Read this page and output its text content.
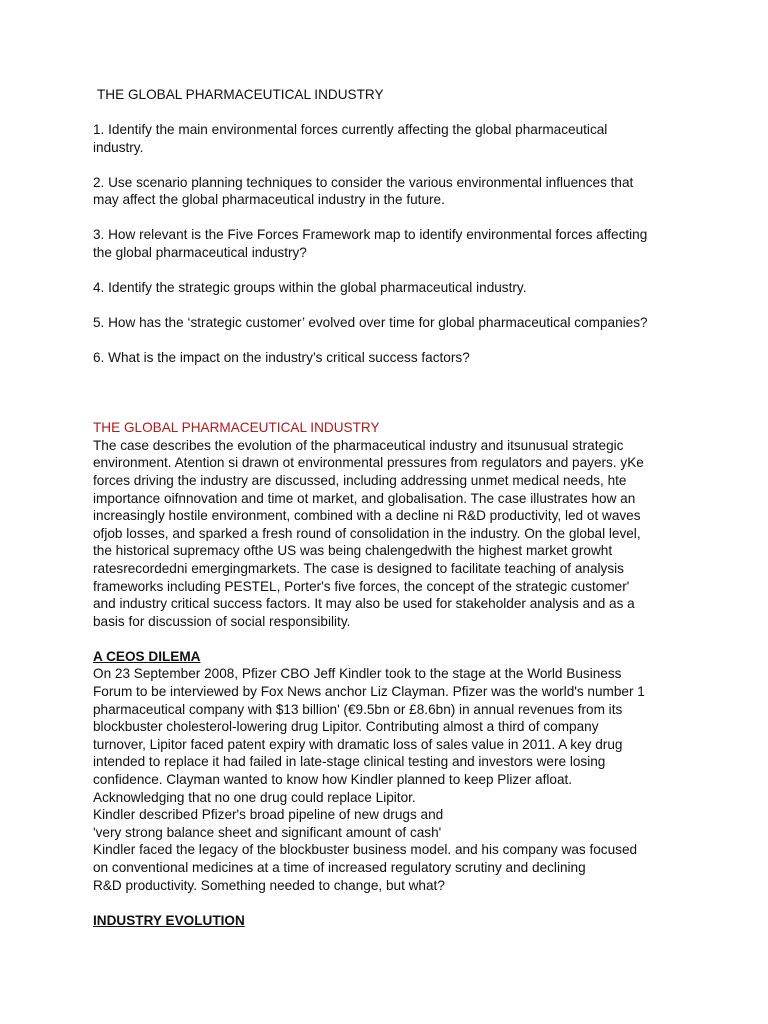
THE GLOBAL PHARMACEUTICAL INDUSTRY
1. Identify the main environmental forces currently affecting the global pharmaceutical
industry.
2. Use scenario planning techniques to consider the various environmental influences that
may affect the global pharmaceutical industry in the future.
3. How relevant is the Five Forces Framework map to identify environmental forces affecting
the global pharmaceutical industry?
4. Identify the strategic groups within the global pharmaceutical industry.
5. How has the ‘strategic customer’ evolved over time for global pharmaceutical companies?
6. What is the impact on the industry’s critical success factors?
THE GLOBAL PHARMACEUTICAL INDUSTRY
The case describes the evolution of the pharmaceutical industry and itsunusual strategic
environment. Atention si drawn ot environmental pressures from regulators and payers. yKe
forces driving the industry are discussed, including addressing unmet medical needs, hte
importance oifnnovation and time ot market, and globalisation. The case illustrates how an
increasingly hostile environment, combined with a decline ni R&D productivity, led ot waves
ofjob losses, and sparked a fresh round of consolidation in the industry. On the global level,
the historical supremacy ofthe US was being chalengedwith the highest market growht
ratesrecordedni emergingmarkets. The case is designed to facilitate teaching of analysis
frameworks including PESTEL, Porter's five forces, the concept of the strategic customer'
and industry critical success factors. It may also be used for stakeholder analysis and as a
basis for discussion of social responsibility.
A CEOS DILEMA
On 23 September 2008, Pfizer CBO Jeff Kindler took to the stage at the World Business
Forum to be interviewed by Fox News anchor Liz Clayman. Pfizer was the world's number 1
pharmaceutical company with $13 billion' (€9.5bn or £8.6bn) in annual revenues from its
blockbuster cholesterol-lowering drug Lipitor. Contributing almost a third of company
turnover, Lipitor faced patent expiry with dramatic loss of sales value in 2011. A key drug
intended to replace it had failed in late-stage clinical testing and investors were losing
confidence. Clayman wanted to know how Kindler planned to keep Plizer afloat.
Acknowledging that no one drug could replace Lipitor.
Kindler described Pfizer's broad pipeline of new drugs and
'very strong balance sheet and significant amount of cash'
Kindler faced the legacy of the blockbuster business model. and his company was focused
on conventional medicines at a time of increased regulatory scrutiny and declining
R&D productivity. Something needed to change, but what?
INDUSTRY EVOLUTION
